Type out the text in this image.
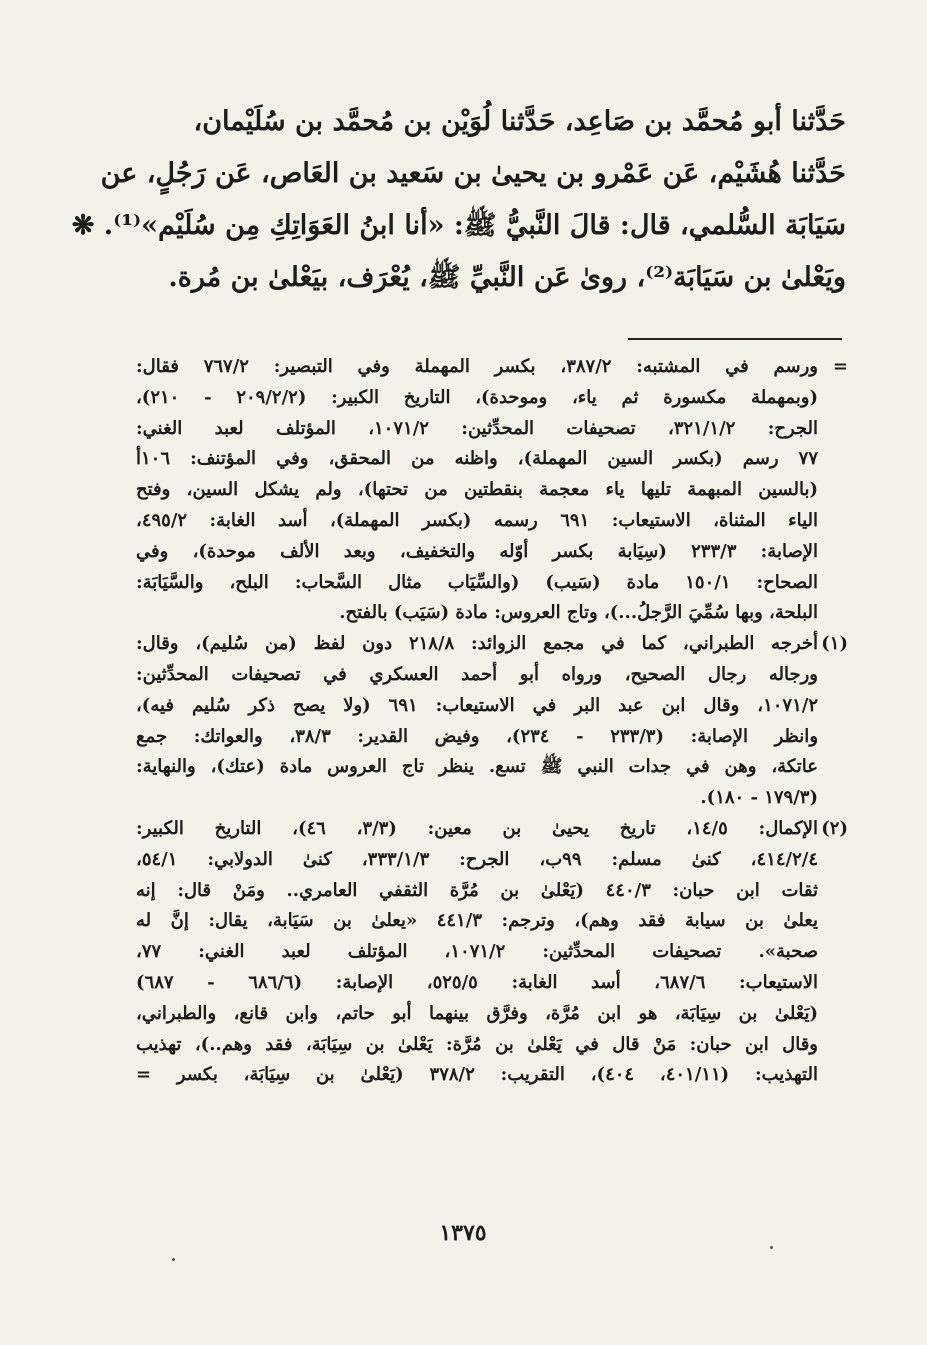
حَدَّثنا أبو مُحمَّد بن صَاعِد، حَدَّثنا لُوَيْن بن مُحمَّد بن سُلَيْمان،
حَدَّثنا هُشَيْم، عَن عَمْرو بن يحيىٰ بن سَعيد بن العَاص، عَن رَجُلٍ، عن
سَيَابَة السُّلمي، قال: قالَ النَّبيُّ ﷺ: «أنا ابنُ العَوَاتِكِ مِن سُلَيْم»⁽¹⁾. ❋
ويَعْلىٰ بن سَيَابَة⁽²⁾، روىٰ عَن النَّبيِّ ﷺ، يُعْرَف، بيَعْلىٰ بن مُرة.
=
ورسم في المشتبه: ٣٨٧/٢، بكسر المهملة وفي التبصير: ٧٦٧/٢ فقال:
(وبمهملة مكسورة ثم ياء، وموحدة)، التاريخ الكبير: (٢٠٩/٢/٢ - ٢١٠)،
الجرح: ٣٢١/١/٢، تصحيفات المحدِّثين: ١٠٧١/٢، المؤتلف لعبد الغني:
٧٧ رسم (بكسر السين المهملة)، واظنه من المحقق، وفي المؤتنف: ١٠٦أ
(بالسين المبهمة تليها ياء معجمة بنقطتين من تحتها)، ولم يشكل السين، وفتح
الياء المثناة، الاستيعاب: ٦٩١ رسمه (بكسر المهملة)، أسد الغابة: ٤٩٥/٢،
الإصابة: ٢٣٣/٣ (سِيَابة بكسر أوّله والتخفيف، وبعد الألف موحدة)، وفي
الصحاح: ١٥٠/١ مادة (سَيب) (والسِّيَاب مثال السَّحاب: البلح، والسَّيَابَة:
البلحة، وبها سُمِّيَ الرَّجلُ...)، وتاج العروس: مادة (سَيَب) بالفتح.
(١)
أخرجه الطبراني، كما في مجمع الزوائد: ٢١٨/٨ دون لفظ (من سُليم)، وقال:
ورجاله رجال الصحيح، ورواه أبو أحمد العسكري في تصحيفات المحدِّثين:
١٠٧١/٢، وقال ابن عبد البر في الاستيعاب: ٦٩١ (ولا يصح ذكر سُليم فيه)،
وانظر الإصابة: (٢٣٣/٣ - ٢٣٤)، وفيض القدير: ٣٨/٣، والعواتك: جمع
عاتكة، وهن في جدات النبي ﷺ تسع. ينظر تاج العروس مادة (عتك)، والنهاية:
(١٧٩/٣ - ١٨٠).
(٢)
الإكمال: ١٤/٥، تاريخ يحيىٰ بن معين: (٣/٣، ٤٦)، التاريخ الكبير:
٤١٤/٢/٤، كنىٰ مسلم: ٩٩ب، الجرح: ٣٣٣/١/٣، كنىٰ الدولابي: ٥٤/١،
ثقات ابن حبان: ٤٤٠/٣ (يَعْلىٰ بن مُرَّة الثقفي العامري.. ومَنْ قال: إنه
يعلىٰ بن سيابة فقد وهم)، وترجم: ٤٤١/٣ «يعلىٰ بن سَيَابة، يقال: إنَّ له
صحبة». تصحيفات المحدِّثين: ١٠٧١/٢، المؤتلف لعبد الغني: ٧٧،
الاستيعاب: ٦٨٧/٦، أسد الغابة: ٥٢٥/٥، الإصابة: (٦٨٦/٦ - ٦٨٧)
(يَعْلىٰ بن سِيَابَة، هو ابن مُرَّة، وفرَّق بينهما أبو حاتم، وابن قانع، والطبراني،
وقال ابن حبان: مَنْ قال في يَعْلىٰ بن مُرَّة: يَعْلىٰ بن سِيَابَة، فقد وهم..)، تهذيب
التهذيب: (٤٠١/١١، ٤٠٤)، التقريب: ٣٧٨/٢ (يَعْلىٰ بن سِيَابَة، بكسر =
١٣٧٥
